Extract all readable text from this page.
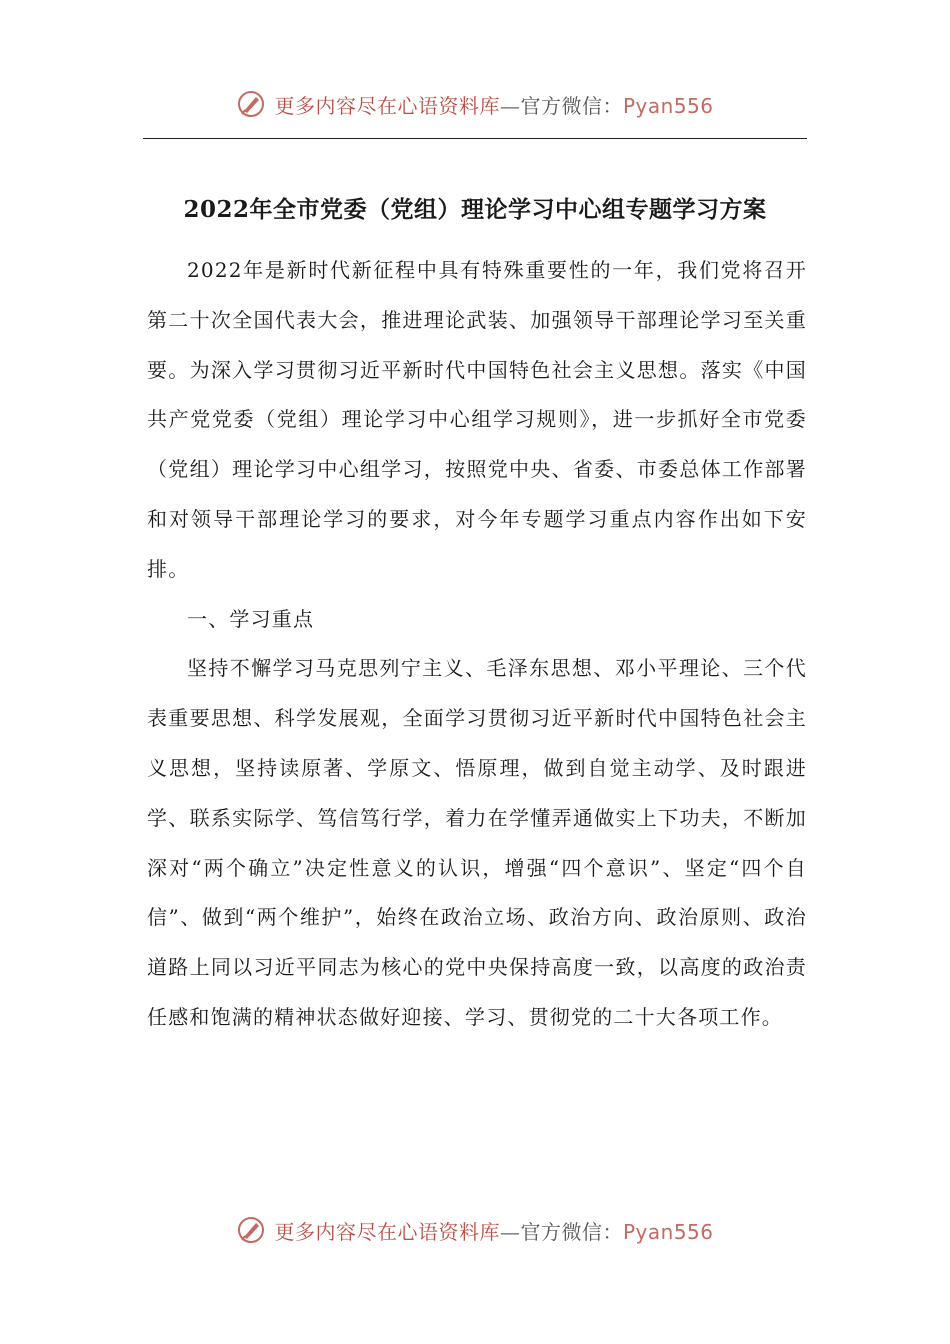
更多内容尽在心语资料库—官方微信：Pyan556
2022年全市党委（党组）理论学习中心组专题学习方案

2022年是新时代新征程中具有特殊重要性的一年，我们党将召开第二十次全国代表大会，推进理论武装、加强领导干部理论学习至关重要。为深入学习贯彻习近平新时代中国特色社会主义思想。落实《中国共产党党委（党组）理论学习中心组学习规则》，进一步抓好全市党委（党组）理论学习中心组学习，按照党中央、省委、市委总体工作部署和对领导干部理论学习的要求，对今年专题学习重点内容作出如下安排。

一、学习重点

坚持不懈学习马克思列宁主义、毛泽东思想、邓小平理论、三个代表重要思想、科学发展观，全面学习贯彻习近平新时代中国特色社会主义思想，坚持读原著、学原文、悟原理，做到自觉主动学、及时跟进学、联系实际学、笃信笃行学，着力在学懂弄通做实上下功夫，不断加深对“两个确立”决定性意义的认识，增强“四个意识”、坚定“四个自信”、做到“两个维护”，始终在政治立场、政治方向、政治原则、政治道路上同以习近平同志为核心的党中央保持高度一致，以高度的政治责任感和饱满的精神状态做好迎接、学习、贯彻党的二十大各项工作。

更多内容尽在心语资料库—官方微信：Pyan556
